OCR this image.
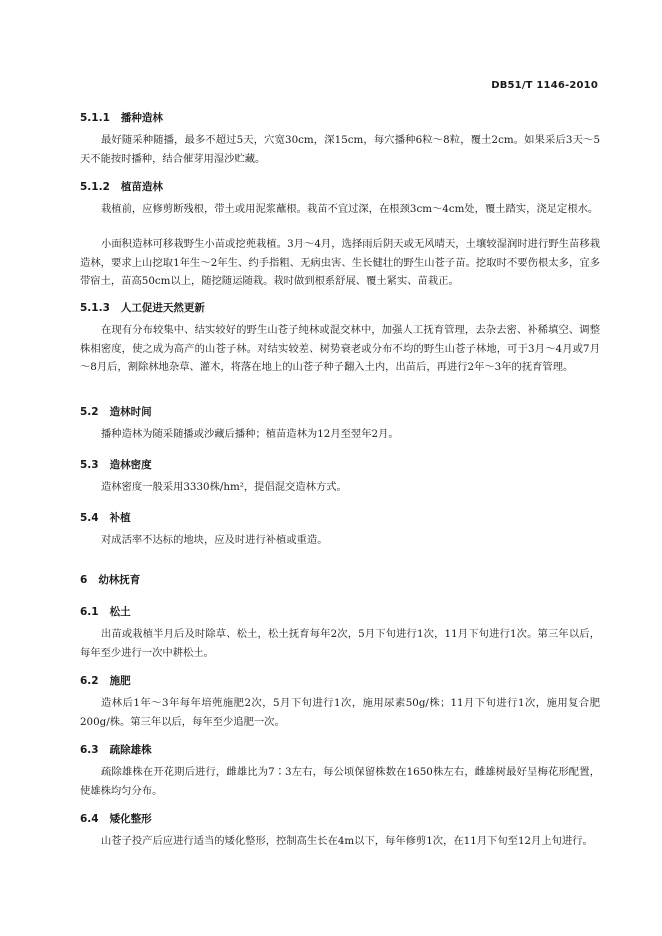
DB51/T 1146-2010
5.1.1 播种造林

最好随采种随播，最多不超过5天，穴宽30cm，深15cm，每穴播种6粒～8粒，覆土2cm。如果采后3天～5天不能按时播种，结合催芽用湿沙贮藏。

5.1.2 植苗造林

栽植前，应修剪断残根，带土或用泥浆蘸根。栽苗不宜过深，在根颈3cm～4cm处，覆土踏实，浇足定根水。

小面积造林可移栽野生小苗或挖蔸栽植。3月～4月，选择雨后阴天或无风晴天，土壤较湿润时进行野生苗移栽造林，要求上山挖取1年生～2年生、约手指粗、无病虫害、生长健壮的野生山苍子苗。挖取时不要伤根太多，宜多带宿土，苗高50cm以上，随挖随运随栽。栽时做到根系舒展、覆土紧实、苗栽正。

5.1.3 人工促进天然更新

在现有分布较集中、结实较好的野生山苍子纯林或混交林中，加强人工抚育管理，去杂去密、补稀填空、调整株相密度，使之成为高产的山苍子林。对结实较差、树势衰老或分布不均的野生山苍子林地，可于3月～4月或7月～8月后，割除林地杂草、灌木，将落在地上的山苍子种子翻入土内，出苗后，再进行2年～3年的抚育管理。

5.2 造林时间

播种造林为随采随播或沙藏后播种；植苗造林为12月至翌年2月。

5.3 造林密度

造林密度一般采用3330株/hm²，提倡混交造林方式。

5.4 补植

对成活率不达标的地块，应及时进行补植或重造。

6 幼林抚育
6.1 松土

出苗或栽植半月后及时除草、松土，松土抚育每年2次，5月下旬进行1次，11月下旬进行1次。第三年以后，每年至少进行一次中耕松土。

6.2 施肥

造林后1年～3年每年培蔸施肥2次，5月下旬进行1次，施用尿素50g/株；11月下旬进行1次，施用复合肥200g/株。第三年以后，每年至少追肥一次。

6.3 疏除雄株

疏除雄株在开花期后进行，雌雄比为7∶3左右，每公顷保留株数在1650株左右，雌雄树最好呈梅花形配置，使雄株均匀分布。

6.4 矮化整形

山苍子投产后应进行适当的矮化整形，控制高生长在4m以下，每年修剪1次，在11月下旬至12月上旬进行。
